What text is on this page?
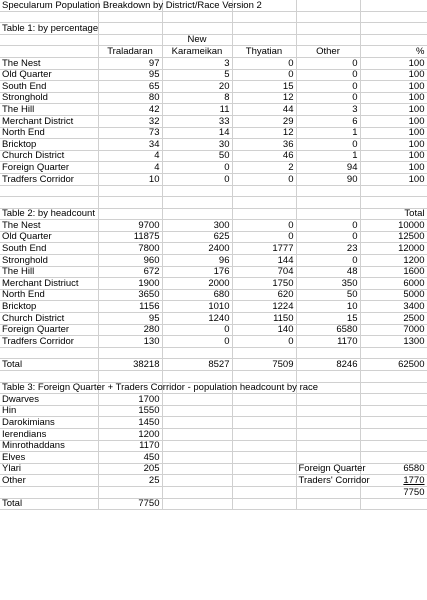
Specularum Population Breakdown by District/Race Version 2					

Table 1: by percentage					
		New			
	Traladaran	Karameikan	Thyatian	Other	%
The Nest	97	3	0	0	100
Old Quarter	95	5	0	0	100
South End	65	20	15	0	100
Stronghold	80	8	12	0	100
The Hill	42	11	44	3	100
Merchant District	32	33	29	6	100
North End	73	14	12	1	100
Bricktop	34	30	36	0	100
Church District	4	50	46	1	100
Foreign Quarter	4	0	2	94	100
Tradfers Corridor	10	0	0	90	100

Table 2: by headcount					Total
The Nest	9700	300	0	0	10000
Old Quarter	11875	625	0	0	12500
South End	7800	2400	1777	23	12000
Stronghold	960	96	144	0	1200
The Hill	672	176	704	48	1600
Merchant Distriuct	1900	2000	1750	350	6000
North End	3650	680	620	50	5000
Bricktop	1156	1010	1224	10	3400
Church District	95	1240	1150	15	2500
Foreign Quarter	280	0	140	6580	7000
Tradfers Corridor	130	0	0	1170	1300

Total	38218	8527	7509	8246	62500

Table 3: Foreign Quarter + Traders Corridor - population headcount by race					
Dwarves	1700				
Hin	1550				
Darokimians	1450				
Ierendians	1200				
Minrothaddans	1170				
Elves	450				
Ylari	205			Foreign Quarter	6580
Other	25			Traders' Corridor	1770
					7750
Total	7750				
